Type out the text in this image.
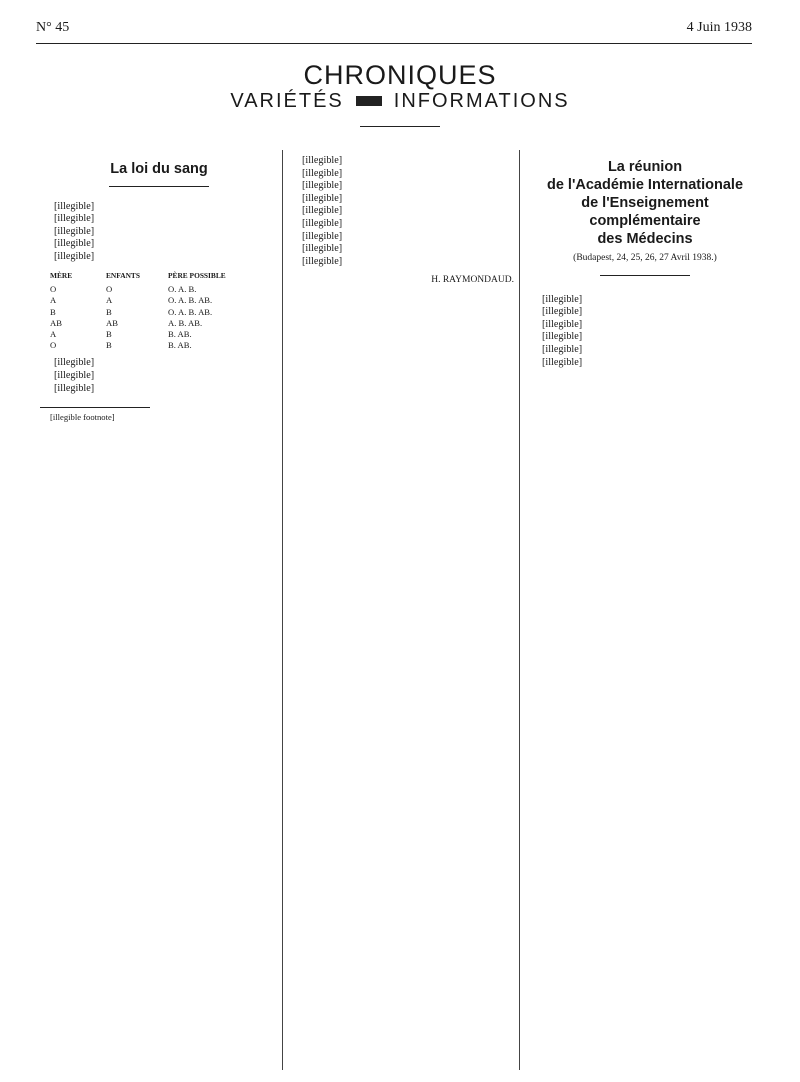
N° 45	4 Juin 1938
CHRONIQUES
VARIÉTÉS	INFORMATIONS
La loi du sang

[illegible]

[illegible]

[illegible]

[illegible]

[illegible]

MÈRE	ENFANTS	PÈRE POSSIBLE
O	O	O. A. B.
A	A	O. A. B. AB.
B	B	O. A. B. AB.
AB	AB	A. B. AB.
A	B	B. AB.
O	B	B. AB.

[illegible]

[illegible]

[illegible]

[illegible footnote]

[illegible]

[illegible]

[illegible]

[illegible]

[illegible]

[illegible]

[illegible]

[illegible]

[illegible]

H. RAYMONDAUD.
La réunion
de l'Académie Internationale
de l'Enseignement
complémentaire
des Médecins
(Budapest, 24, 25, 26, 27 Avril 1938.)

[illegible]

[illegible]

[illegible]

[illegible]

[illegible]

[illegible]
